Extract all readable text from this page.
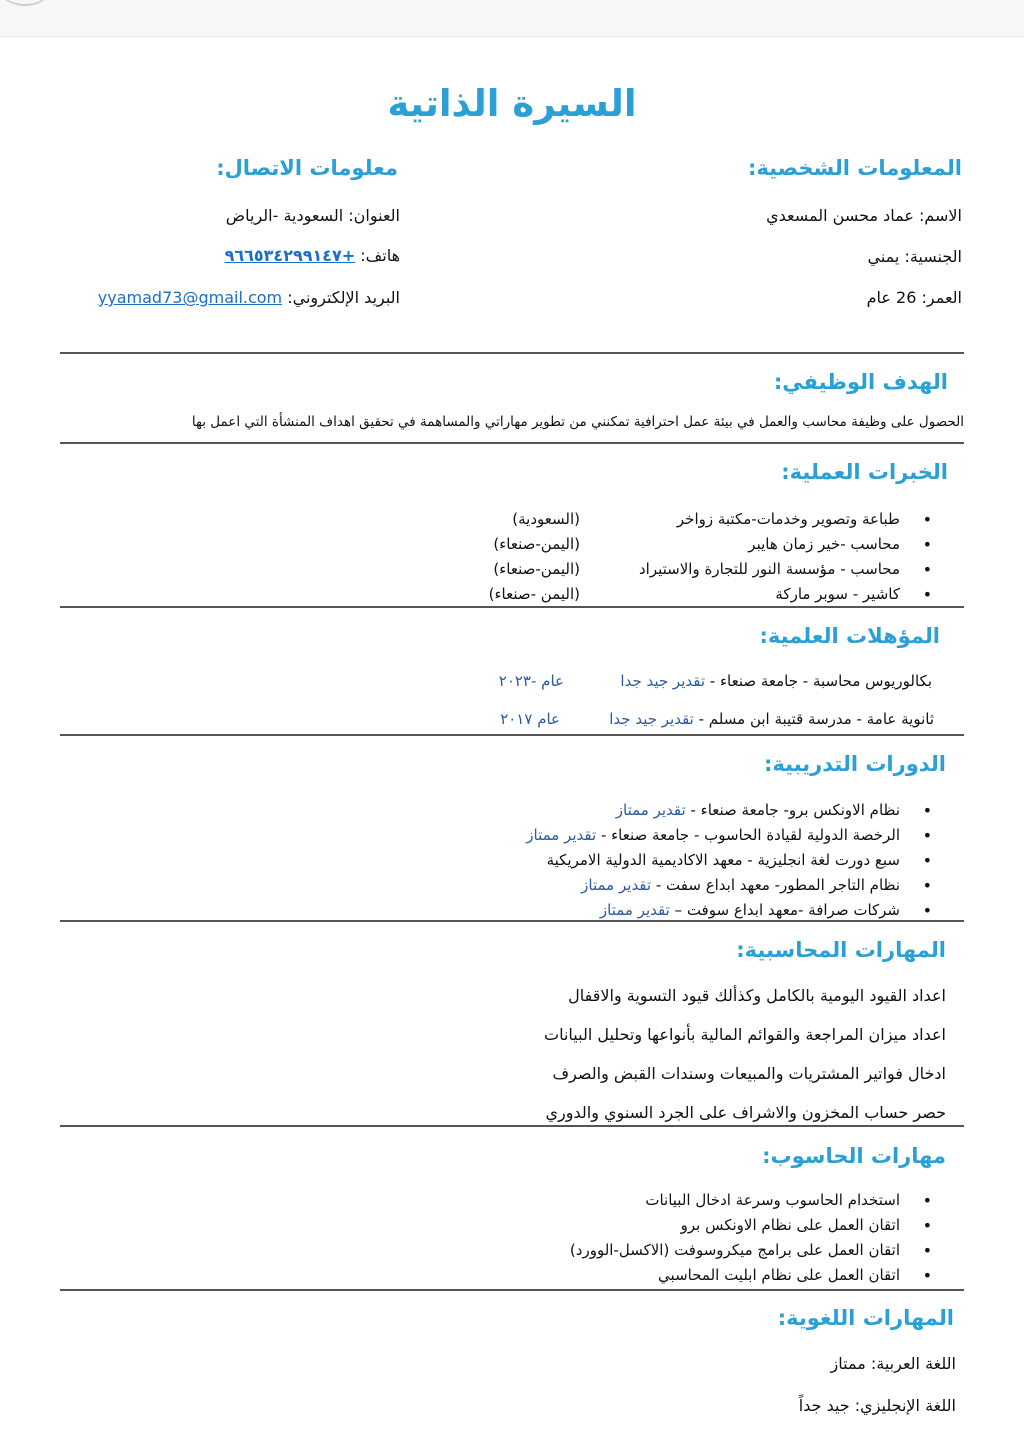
السيرة الذاتية
المعلومات الشخصية:
الاسم: عماد محسن المسعدي
الجنسية: يمني
العمر: 26 عام
معلومات الاتصال:
العنوان: السعودية -الرياض
هاتف: +٩٦٦٥٣٤٢٩٩١٤٧
البريد الإلكتروني: yyamad73@gmail.com
الهدف الوظيفي:
الحصول على وظيفة محاسب والعمل في بيئة عمل احترافية تمكنني من تطوير مهاراتي والمساهمة في تحقيق اهداف المنشأة التي اعمل بها
الخبرات العملية:
• طباعة وتصوير وخدمات-مكتبة زواخر
• محاسب -خير زمان هايبر
• محاسب - مؤسسة النور للتجارة والاستيراد
• كاشير - سوبر ماركة
(السعودية)
(اليمن-صنعاء)
(اليمن-صنعاء)
(اليمن -صنعاء)
المؤهلات العلمية:
بكالوريوس محاسبة - جامعة صنعاء - تقدير جيد جدا
عام -٢٠٢٣
ثانوية عامة - مدرسة قتيبة ابن مسلم - تقدير جيد جدا
عام ٢٠١٧
الدورات التدريبية:
• نظام الاونكس برو- جامعة صنعاء - تقدير ممتاز
• الرخصة الدولية لقيادة الحاسوب - جامعة صنعاء - تقدير ممتاز
• سبع دورت لغة انجليزية - معهد الاكاديمية الدولية الامريكية
• نظام التاجر المطور- معهد ابداع سفت - تقدير ممتاز
• شركات صرافة -معهد ابداع سوفت – تقدير ممتاز
المهارات المحاسبية:
اعداد القيود اليومية بالكامل وكذألك قيود التسوية والاقفال
اعداد ميزان المراجعة والقوائم المالية بأنواعها وتحليل البيانات
ادخال فواتير المشتريات والمبيعات وسندات القبض والصرف
حصر حساب المخزون والاشراف على الجرد السنوي والدوري
مهارات الحاسوب:
• استخدام الحاسوب وسرعة ادخال البيانات
• اتقان العمل على نظام الاونكس برو
• اتقان العمل على برامج ميكروسوفت (الاكسل-الوورد)
• اتقان العمل على نظام ابليت المحاسبي
المهارات اللغوية:
اللغة العربية: ممتاز
اللغة الإنجليزي: جيد جداً
